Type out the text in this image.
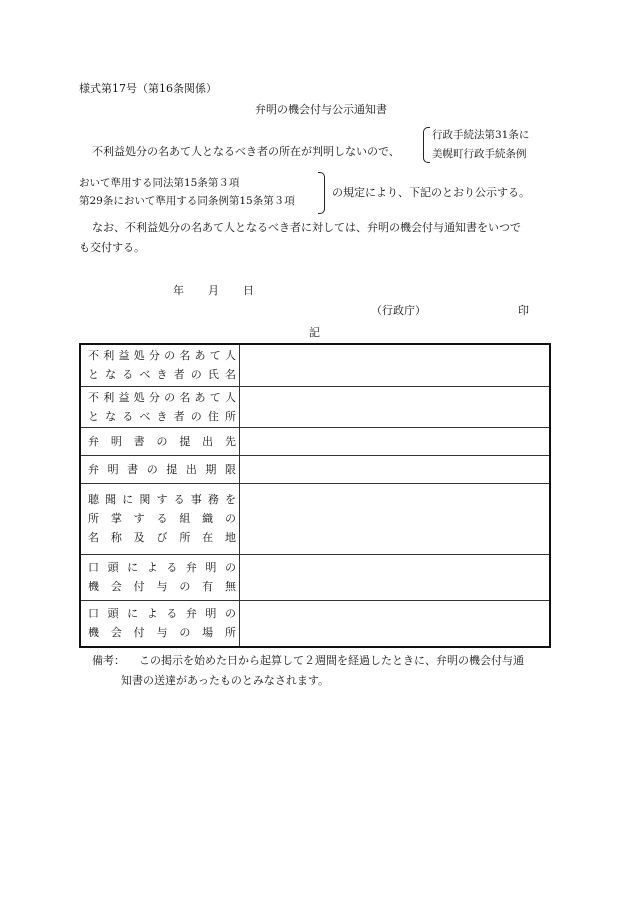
様式第17号（第16条関係）
弁明の機会付与公示通知書
不利益処分の名あて人となるべき者の所在が判明しないので、
行政手続法第31条に
美幌町行政手続条例
おいて準用する同法第15条第３項
第29条において準用する同条例第15条第３項
の規定により、下記のとおり公示する。
なお、不利益処分の名あて人となるべき者に対しては、弁明の機会付与通知書をいつで
も交付する。
年 月 日
（行政庁）	印
記
不利益処分の名あて人
となるべき者の氏名	

不利益処分の名あて人
となるべき者の住所	

弁明書の提出先	

弁明書の提出期限	

聴聞に関する事務を
所掌する組織の
名称及び所在地	

口頭による弁明の
機会付与の有無	

口頭による弁明の
機会付与の場所	

備考： この掲示を始めた日から起算して２週間を経過したときに、弁明の機会付与通
知書の送達があったものとみなされます。
